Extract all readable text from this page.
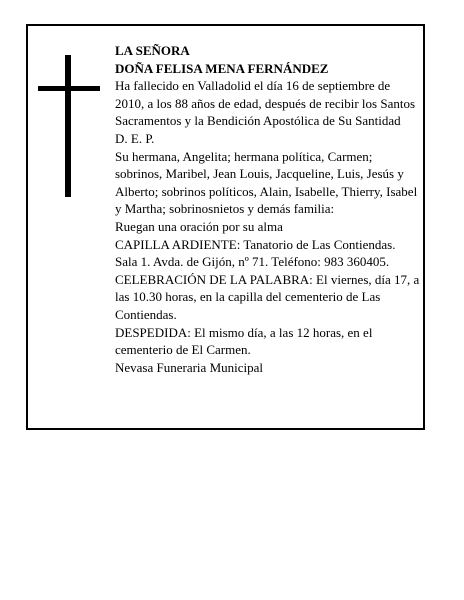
LA SEÑORA

DOÑA FELISA MENA FERNÁNDEZ

Ha fallecido en Valladolid el día 16 de septiembre de 2010, a los 88 años de edad, después de recibir los Santos Sacramentos y la Bendición Apostólica de Su Santidad

D. E. P.

Su hermana, Angelita; hermana política, Carmen; sobrinos, Maribel, Jean Louis, Jacqueline, Luis, Jesús y Alberto; sobrinos políticos, Alain, Isabelle, Thierry, Isabel y Martha; sobrinosnietos y demás familia:

Ruegan una oración por su alma

CAPILLA ARDIENTE: Tanatorio de Las Contiendas. Sala 1. Avda. de Gijón, nº 71. Teléfono: 983 360405.

CELEBRACIÓN DE LA PALABRA: El viernes, día 17, a las 10.30 horas, en la capilla del cementerio de Las Contiendas.

DESPEDIDA: El mismo día, a las 12 horas, en el cementerio de El Carmen.

Nevasa Funeraria Municipal
